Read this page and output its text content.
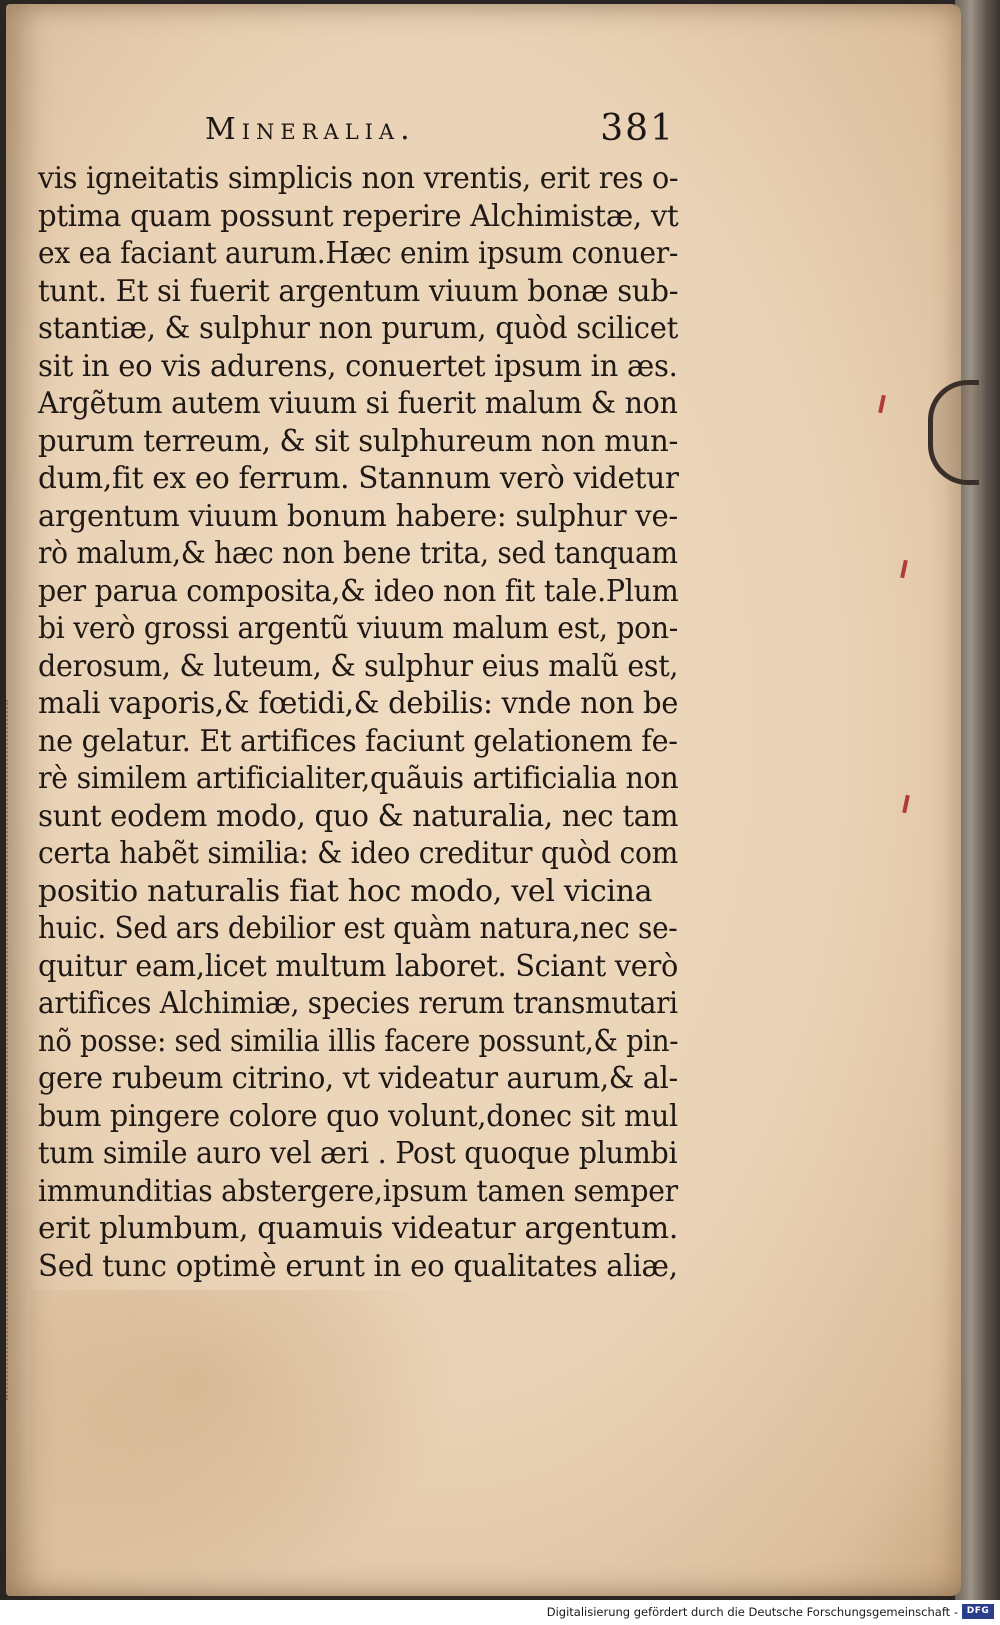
Mineralia.	381
vis igneitatis simplicis non vrentis, erit res o-
ptima quam possunt reperire Alchimistæ, vt
ex ea faciant aurum.Hæc enim ipsum conuer-
tunt. Et si fuerit argentum viuum bonæ sub-
stantiæ, & sulphur non purum, quòd scilicet
sit in eo vis adurens, conuertet ipsum in æs.
Argẽtum autem viuum si fuerit malum & non
purum terreum, & sit sulphureum non mun-
dum,fit ex eo ferrum. Stannum verò videtur
argentum viuum bonum habere: sulphur ve-
rò malum,& hæc non bene trita, sed tanquam
per parua composita,& ideo non fit tale.Plum
bi verò grossi argentũ viuum malum est, pon-
derosum, & luteum, & sulphur eius malũ est,
mali vaporis,& fœtidi,& debilis: vnde non be
ne gelatur. Et artifices faciunt gelationem fe-
rè similem artificialiter,quãuis artificialia non
sunt eodem modo, quo & naturalia, nec tam
certa habẽt similia: & ideo creditur quòd com
positio naturalis fiat hoc modo, vel vicina
huic. Sed ars debilior est quàm natura,nec se-
quitur eam,licet multum laboret. Sciant verò
artifices Alchimiæ, species rerum transmutari
nõ posse: sed similia illis facere possunt,& pin-
gere rubeum citrino, vt videatur aurum,& al-
bum pingere colore quo volunt,donec sit mul
tum simile auro vel æri . Post quoque plumbi
immunditias abstergere,ipsum tamen semper
erit plumbum, quamuis videatur argentum.
Sed tunc optimè erunt in eo qualitates aliæ,
Digitalisierung gefördert durch die Deutsche Forschungsgemeinschaft - DFG
